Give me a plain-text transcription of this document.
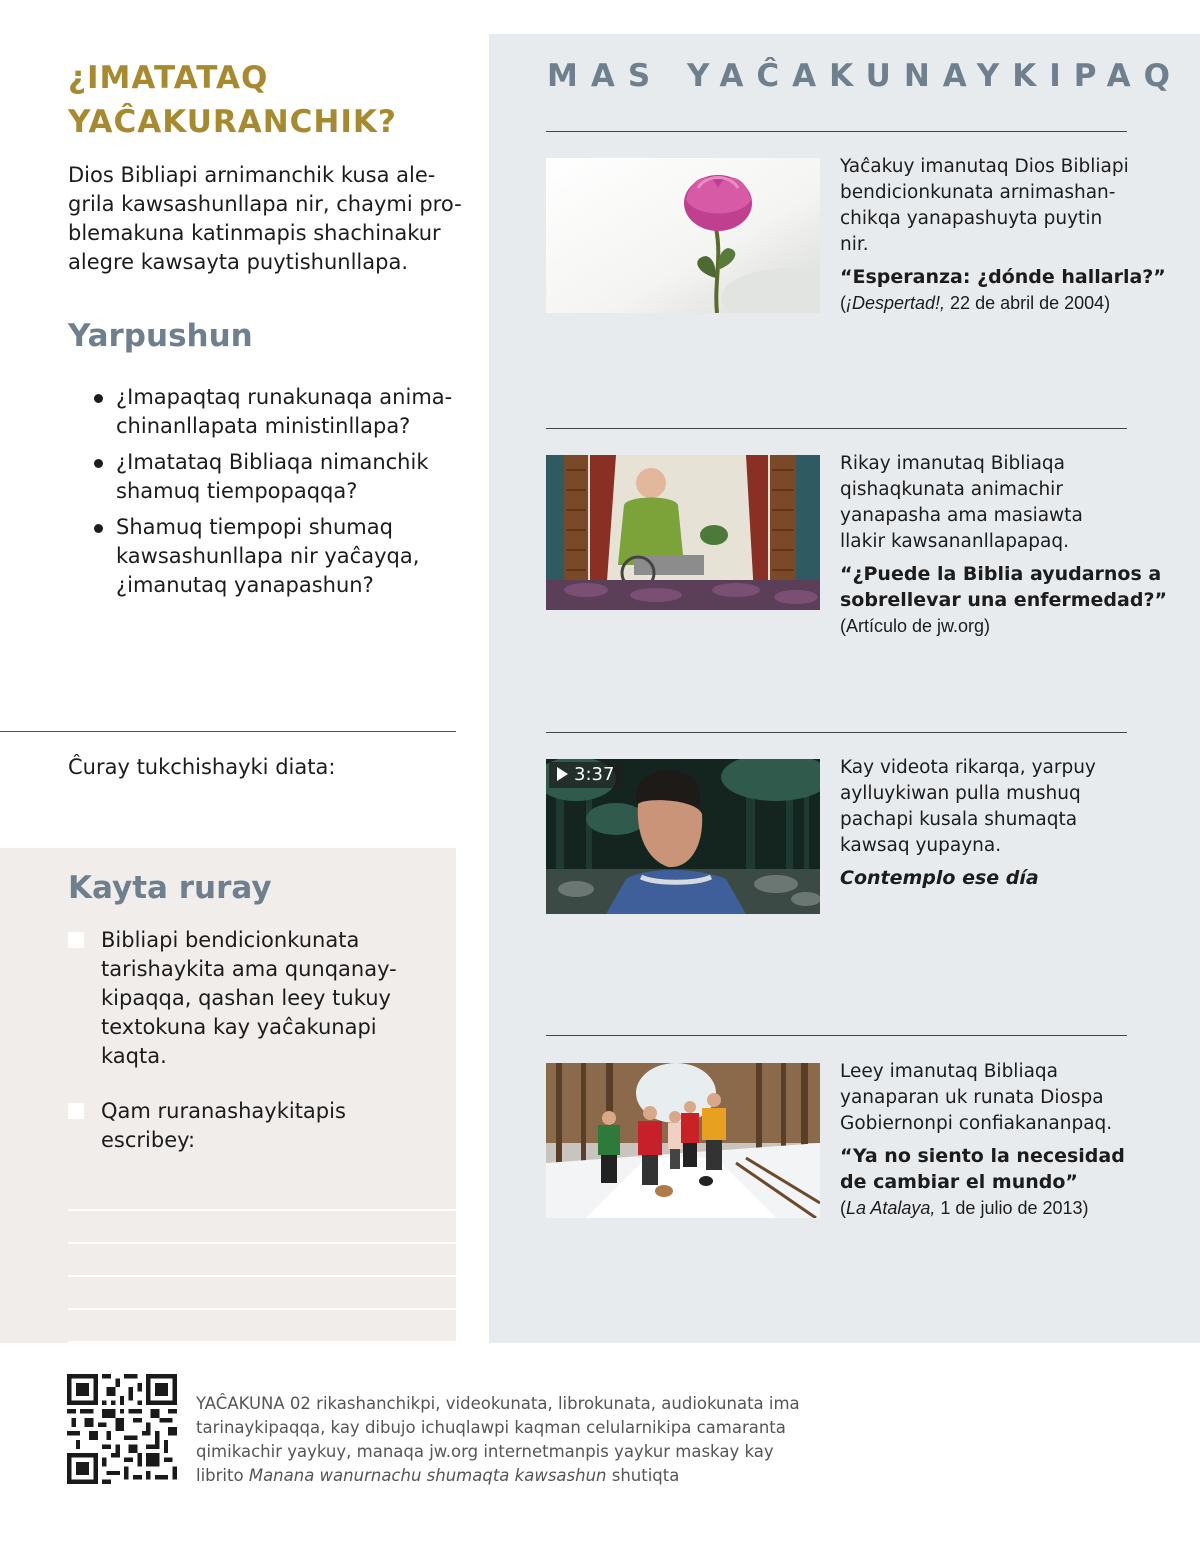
¿IMATATAQ
YAĈAKURANCHIK?

Dios Bibliapi arnimanchik kusa ale-
grila kawsashunllapa nir, chaymi pro-
blemakuna katinmapis shachinakur
alegre kawsayta puytishunllapa.

Yarpushun
¿Imapaqtaq runakunaqa anima-
chinanllapata ministinllapa?
¿Imatataq Bibliaqa nimanchik
shamuq tiempopaqqa?
Shamuq tiempopi shumaq
kawsashunllapa nir yaĉayqa,
¿imanutaq yanapashun?
Ĉuray tukchishayki diata:
Kayta ruray
Bibliapi bendicionkunata
tarishaykita ama qunqanay-
kipaqqa, qashan leey tukuy
textokuna kay yaĉakunapi
kaqta.
Qam ruranashaykitapis
escribey:
MAS YAĈAKUNAYKIPAQ
Yaĉakuy imanutaq Dios Bibliapi
bendicionkunata arnimashan-
chikqa yanapashuyta puytin
nir.
“Esperanza: ¿dónde hallarla?”
(¡Despertad!, 22 de abril de 2004)
Rikay imanutaq Bibliaqa
qishaqkunata animachir
yanapasha ama masiawta
llakir kawsananllapapaq.
“¿Puede la Biblia ayudarnos a
sobrellevar una enfermedad?”
(Artículo de jw.org)
3:37	Kay videota rikarqa, yarpuy
aylluykiwan pulla mushuq
pachapi kusala shumaqta
kawsaq yupayna.
Contemplo ese día
Leey imanutaq Bibliaqa
yanaparan uk runata Diospa
Gobiernonpi confiakananpaq.
“Ya no siento la necesidad
de cambiar el mundo”
(La Atalaya, 1 de julio de 2013)
YAĈAKUNA 02 rikashanchikpi, videokunata, librokunata, audiokunata ima
tarinaykipaqqa, kay dibujo ichuqlawpi kaqman celularnikipa camaranta
qimikachir yaykuy, manaqa jw.org internetmanpis yaykur maskay kay
librito Manana wanurnachu shumaqta kawsashun shutiqta
